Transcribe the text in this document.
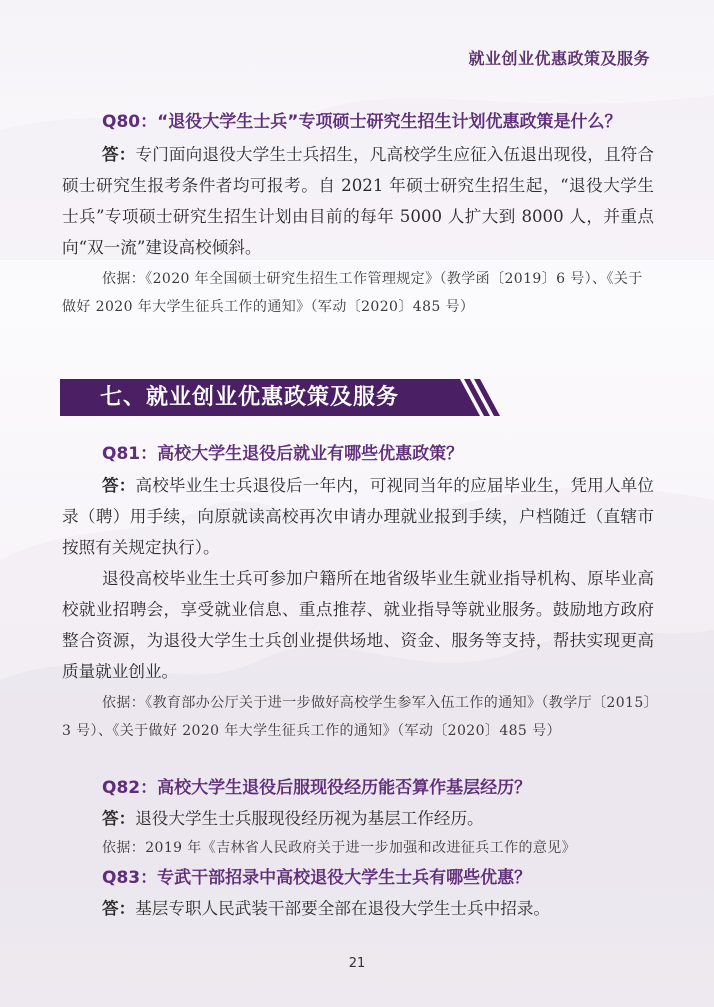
就业创业优惠政策及服务

Q80：“退役大学生士兵”专项硕士研究生招生计划优惠政策是什么？

答：专门面向退役大学生士兵招生，凡高校学生应征入伍退出现役，且符合硕士研究生报考条件者均可报考。自 2021 年硕士研究生招生起，“退役大学生士兵”专项硕士研究生招生计划由目前的每年 5000 人扩大到 8000 人，并重点向“双一流”建设高校倾斜。

依据：《2020 年全国硕士研究生招生工作管理规定》（教学函〔2019〕6 号）、《关于做好 2020 年大学生征兵工作的通知》（军动〔2020〕485 号）

七、就业创业优惠政策及服务

Q81：高校大学生退役后就业有哪些优惠政策？

答：高校毕业生士兵退役后一年内，可视同当年的应届毕业生，凭用人单位录（聘）用手续，向原就读高校再次申请办理就业报到手续，户档随迁（直辖市按照有关规定执行）。

退役高校毕业生士兵可参加户籍所在地省级毕业生就业指导机构、原毕业高校就业招聘会，享受就业信息、重点推荐、就业指导等就业服务。鼓励地方政府整合资源，为退役大学生士兵创业提供场地、资金、服务等支持，帮扶实现更高质量就业创业。

依据：《教育部办公厅关于进一步做好高校学生参军入伍工作的通知》（教学厅〔2015〕3 号）、《关于做好 2020 年大学生征兵工作的通知》（军动〔2020〕485 号）

Q82：高校大学生退役后服现役经历能否算作基层经历？

答：退役大学生士兵服现役经历视为基层工作经历。

依据：2019 年《吉林省人民政府关于进一步加强和改进征兵工作的意见》

Q83：专武干部招录中高校退役大学生士兵有哪些优惠？

答：基层专职人民武装干部要全部在退役大学生士兵中招录。

21
